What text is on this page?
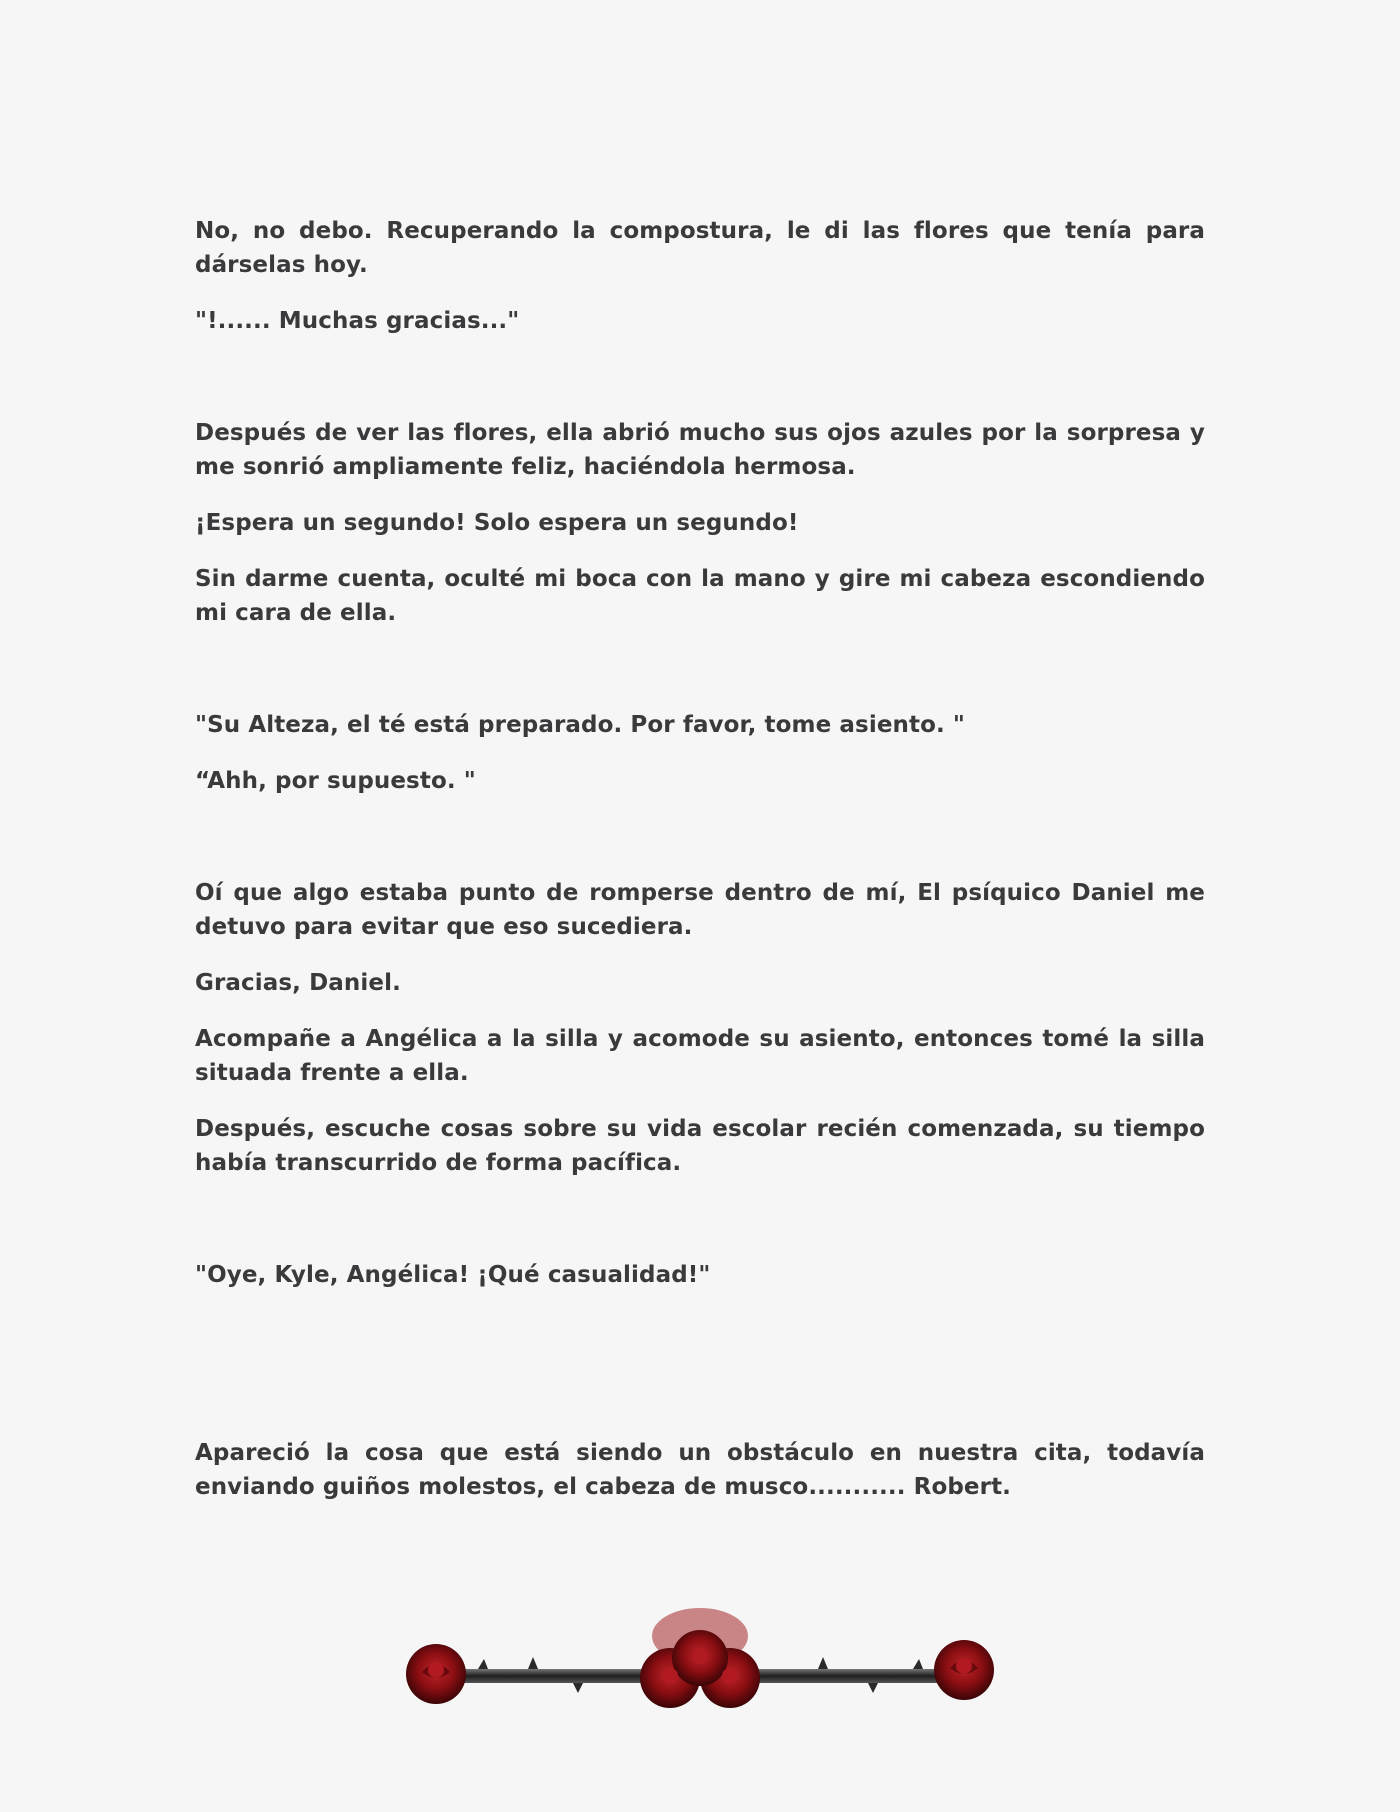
No, no debo. Recuperando la compostura, le di las flores que tenía para dárselas hoy.

"!...... Muchas gracias..."

Después de ver las flores, ella abrió mucho sus ojos azules por la sorpresa y me sonrió ampliamente feliz, haciéndola hermosa.

¡Espera un segundo! Solo espera un segundo!

Sin darme cuenta, oculté mi boca con la mano y gire mi cabeza escondiendo mi cara de ella.

"Su Alteza, el té está preparado. Por favor, tome asiento. "

“Ahh, por supuesto. "

Oí que algo estaba punto de romperse dentro de mí, El psíquico Daniel me detuvo para evitar que eso sucediera.

Gracias, Daniel.

Acompañe a Angélica a la silla y acomode su asiento, entonces tomé la silla situada frente a ella.

Después, escuche cosas sobre su vida escolar recién comenzada, su tiempo había transcurrido de forma pacífica.

"Oye, Kyle, Angélica! ¡Qué casualidad!"

Apareció la cosa que está siendo un obstáculo en nuestra cita, todavía enviando guiños molestos, el cabeza de musco........... Robert.
